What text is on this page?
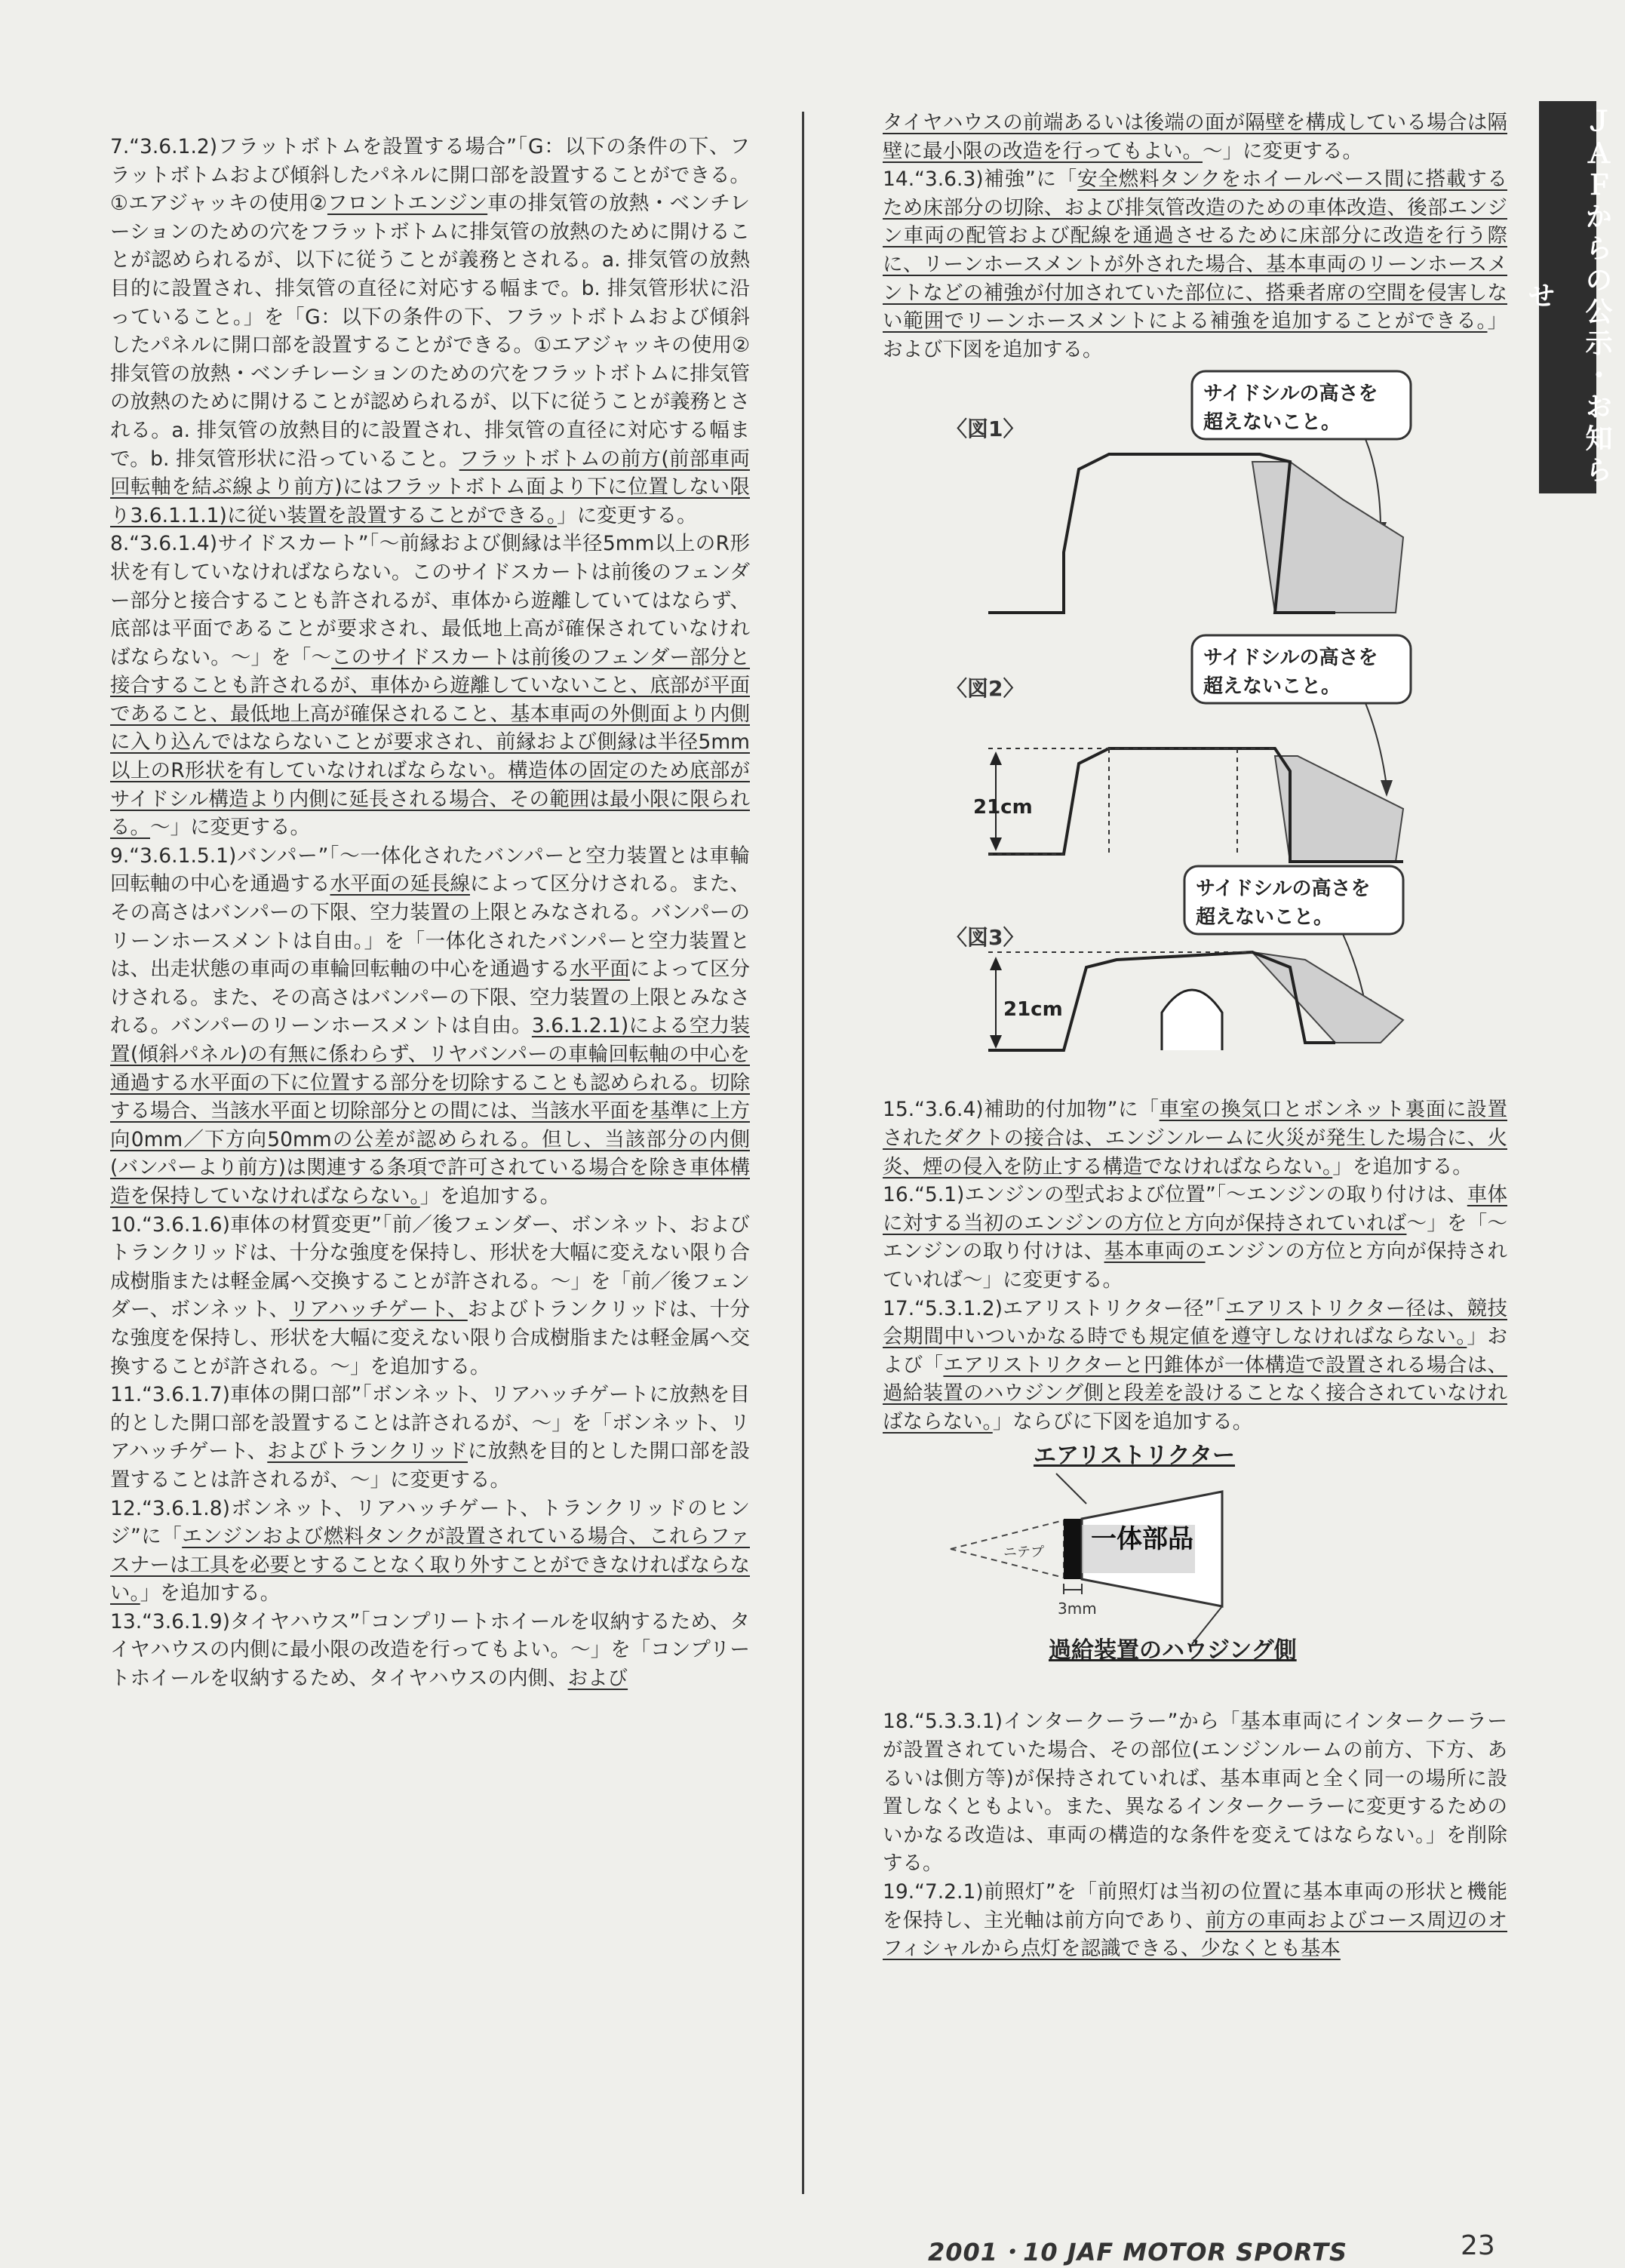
ＪＡＦからの公示・お知らせ

7.“3.6.1.2)フラットボトムを設置する場合”「G：以下の条件の下、フラットボトムおよび傾斜したパネルに開口部を設置することができる。①エアジャッキの使用②フロントエンジン車の排気管の放熱・ベンチレーションのための穴をフラットボトムに排気管の放熱のために開けることが認められるが、以下に従うことが義務とされる。a. 排気管の放熱目的に設置され、排気管の直径に対応する幅まで。b. 排気管形状に沿っていること。」を「G：以下の条件の下、フラットボトムおよび傾斜したパネルに開口部を設置することができる。①エアジャッキの使用②排気管の放熱・ベンチレーションのための穴をフラットボトムに排気管の放熱のために開けることが認められるが、以下に従うことが義務とされる。a. 排気管の放熱目的に設置され、排気管の直径に対応する幅まで。b. 排気管形状に沿っていること。フラットボトムの前方(前部車両回転軸を結ぶ線より前方)にはフラットボトム面より下に位置しない限り3.6.1.1.1)に従い装置を設置することができる。」に変更する。

8.“3.6.1.4)サイドスカート”「～前縁および側縁は半径5mm以上のR形状を有していなければならない。このサイドスカートは前後のフェンダー部分と接合することも許されるが、車体から遊離していてはならず、底部は平面であることが要求され、最低地上高が確保されていなければならない。～」を「～このサイドスカートは前後のフェンダー部分と接合することも許されるが、車体から遊離していないこと、底部が平面であること、最低地上高が確保されること、基本車両の外側面より内側に入り込んではならないことが要求され、前縁および側縁は半径5mm以上のR形状を有していなければならない。構造体の固定のため底部がサイドシル構造より内側に延長される場合、その範囲は最小限に限られる。～」に変更する。

9.“3.6.1.5.1)バンパー”「～一体化されたバンパーと空力装置とは車輪回転軸の中心を通過する水平面の延長線によって区分けされる。また、その高さはバンパーの下限、空力装置の上限とみなされる。バンパーのリーンホースメントは自由。」を「一体化されたバンパーと空力装置とは、出走状態の車両の車輪回転軸の中心を通過する水平面によって区分けされる。また、その高さはバンパーの下限、空力装置の上限とみなされる。バンパーのリーンホースメントは自由。3.6.1.2.1)による空力装置(傾斜パネル)の有無に係わらず、リヤバンパーの車輪回転軸の中心を通過する水平面の下に位置する部分を切除することも認められる。切除する場合、当該水平面と切除部分との間には、当該水平面を基準に上方向0mm／下方向50mmの公差が認められる。但し、当該部分の内側(バンパーより前方)は関連する条項で許可されている場合を除き車体構造を保持していなければならない。」を追加する。

10.“3.6.1.6)車体の材質変更”「前／後フェンダー、ボンネット、およびトランクリッドは、十分な強度を保持し、形状を大幅に変えない限り合成樹脂または軽金属へ交換することが許される。～」を「前／後フェンダー、ボンネット、リアハッチゲート、およびトランクリッドは、十分な強度を保持し、形状を大幅に変えない限り合成樹脂または軽金属へ交換することが許される。～」を追加する。

11.“3.6.1.7)車体の開口部”「ボンネット、リアハッチゲートに放熱を目的とした開口部を設置することは許されるが、～」を「ボンネット、リアハッチゲート、およびトランクリッドに放熱を目的とした開口部を設置することは許されるが、～」に変更する。

12.“3.6.1.8)ボンネット、リアハッチゲート、トランクリッドのヒンジ”に「エンジンおよび燃料タンクが設置されている場合、これらファスナーは工具を必要とすることなく取り外すことができなければならない。」を追加する。

13.“3.6.1.9)タイヤハウス”「コンプリートホイールを収納するため、タイヤハウスの内側に最小限の改造を行ってもよい。～」を「コンプリートホイールを収納するため、タイヤハウスの内側、および

タイヤハウスの前端あるいは後端の面が隔壁を構成している場合は隔壁に最小限の改造を行ってもよい。～」に変更する。

14.“3.6.3)補強”に「安全燃料タンクをホイールベース間に搭載するため床部分の切除、および排気管改造のための車体改造、後部エンジン車両の配管および配線を通過させるために床部分に改造を行う際に、リーンホースメントが外された場合、基本車両のリーンホースメントなどの補強が付加されていた部位に、搭乗者席の空間を侵害しない範囲でリーンホースメントによる補強を追加することができる。」および下図を追加する。

〈図1〉
サイドシルの高さを
超えないこと。
〈図2〉
サイドシルの高さを
超えないこと。
21cm
〈図3〉
サイドシルの高さを
超えないこと。
21cm

15.“3.6.4)補助的付加物”に「車室の換気口とボンネット裏面に設置されたダクトの接合は、エンジンルームに火災が発生した場合に、火炎、煙の侵入を防止する構造でなければならない。」を追加する。

16.“5.1)エンジンの型式および位置”「～エンジンの取り付けは、車体に対する当初のエンジンの方位と方向が保持されていれば～」を「～エンジンの取り付けは、基本車両のエンジンの方位と方向が保持されていれば～」に変更する。

17.“5.3.1.2)エアリストリクター径”「エアリストリクター径は、競技会期間中いついかなる時でも規定値を遵守しなければならない。」および「エアリストリクターと円錐体が一体構造で設置される場合は、過給装置のハウジング側と段差を設けることなく接合されていなければならない。」ならびに下図を追加する。

エアリストリクター
ニテプ 一体部品
3mm
過給装置のハウジング側

18.“5.3.3.1)インタークーラー”から「基本車両にインタークーラーが設置されていた場合、その部位(エンジンルームの前方、下方、あるいは側方等)が保持されていれば、基本車両と全く同一の場所に設置しなくともよい。また、異なるインタークーラーに変更するためのいかなる改造は、車両の構造的な条件を変えてはならない。」を削除する。

19.“7.2.1)前照灯”を「前照灯は当初の位置に基本車両の形状と機能を保持し、主光軸は前方向であり、前方の車両およびコース周辺のオフィシャルから点灯を認識できる、少なくとも基本

2001・10 JAF MOTOR SPORTS	23
